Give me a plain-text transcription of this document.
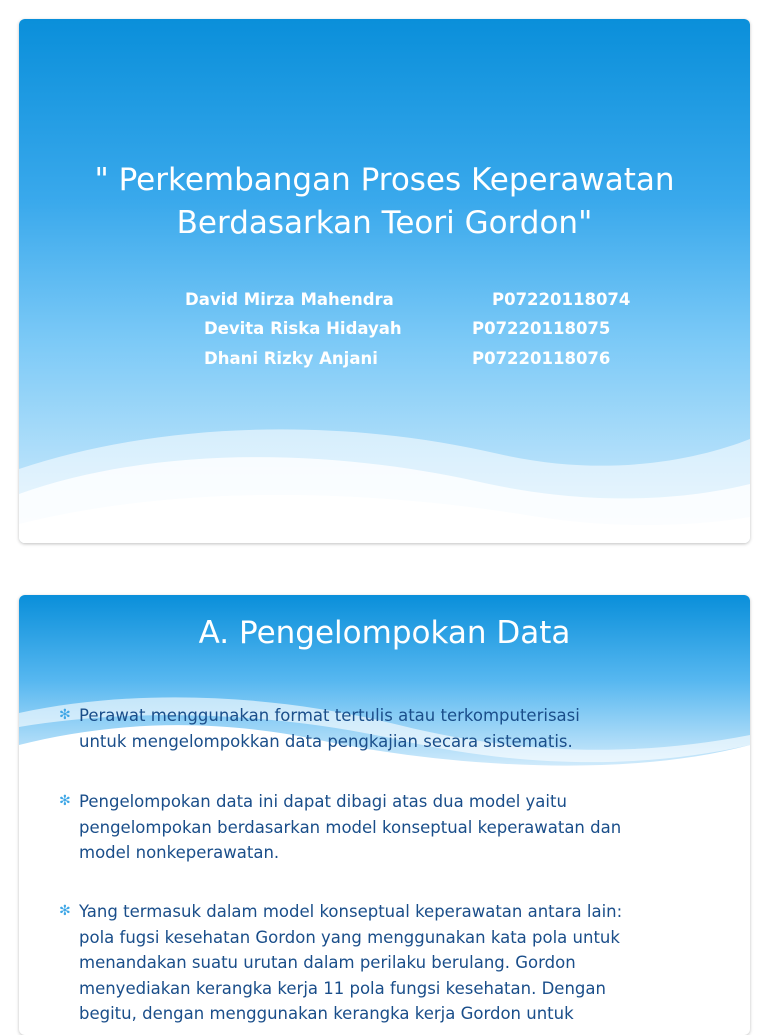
" Perkembangan Proses Keperawatan
Berdasarkan Teori Gordon"
David Mirza Mahendra	P07220118074
Devita Riska Hidayah	P07220118075
Dhani Rizky Anjani	P07220118076
A. Pengelompokan Data
✻ Perawat menggunakan format tertulis atau terkomputerisasi
untuk mengelompokkan data pengkajian secara sistematis.
✻ Pengelompokan data ini dapat dibagi atas dua model yaitu
pengelompokan berdasarkan model konseptual keperawatan dan
model nonkeperawatan.
✻ Yang termasuk dalam model konseptual keperawatan antara lain:
pola fugsi kesehatan Gordon yang menggunakan kata pola untuk
menandakan suatu urutan dalam perilaku berulang. Gordon
menyediakan kerangka kerja 11 pola fungsi kesehatan. Dengan
begitu, dengan menggunakan kerangka kerja Gordon untuk
